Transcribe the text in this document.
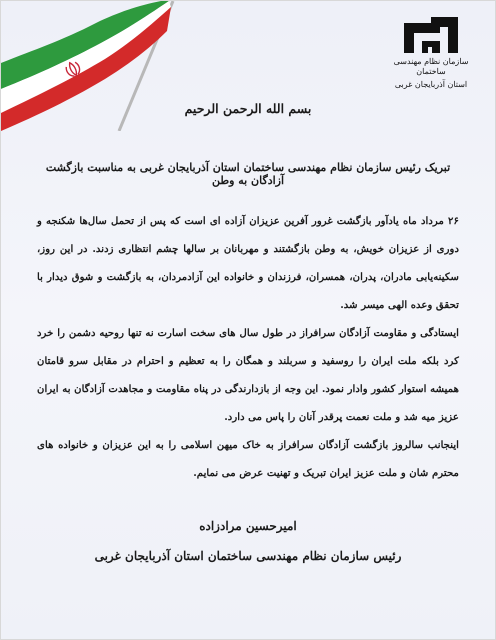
سازمان نظام مهندسی ساختمان
استان آذربایجان غربی
بسم الله الرحمن الرحیم
تبریک رئیس سازمان نظام مهندسی ساختمان استان آذربایجان غربی به مناسبت بازگشت آزادگان به وطن

۲۶ مرداد ماه یادآور بازگشت غرور آفرین عزیزان آزاده ای است که پس از تحمل سال‌ها شکنجه و دوری از عزیزان خویش، به وطن بازگشتند و مهربانان بر سالها چشم انتظاری زدند. در این روز، سکینه‌یابی مادران، پدران، همسران، فرزندان و خانواده این آزادمردان، به بازگشت و شوق دیدار با تحقق وعده الهی میسر شد.

ایستادگی و مقاومت آزادگان سرافراز در طول سال های سخت اسارت نه تنها روحیه دشمن را خرد کرد بلکه ملت ایران را روسفید و سربلند و همگان را به تعظیم و احترام در مقابل سرو قامتان همیشه استوار کشور وادار نمود. این وجه از بازدارندگی در پناه مقاومت و مجاهدت آزادگان به ایران عزیز میه شد و ملت نعمت پرقدر آنان را پاس می دارد.

اینجانب سالروز بازگشت آزادگان سرافراز به خاک میهن اسلامی را به این عزیزان و خانواده های محترم شان و ملت عزیز ایران تبریک و تهنیت عرض می نمایم.

امیرحسین مرادزاده
رئیس سازمان نظام مهندسی ساختمان استان آذربایجان غربی
